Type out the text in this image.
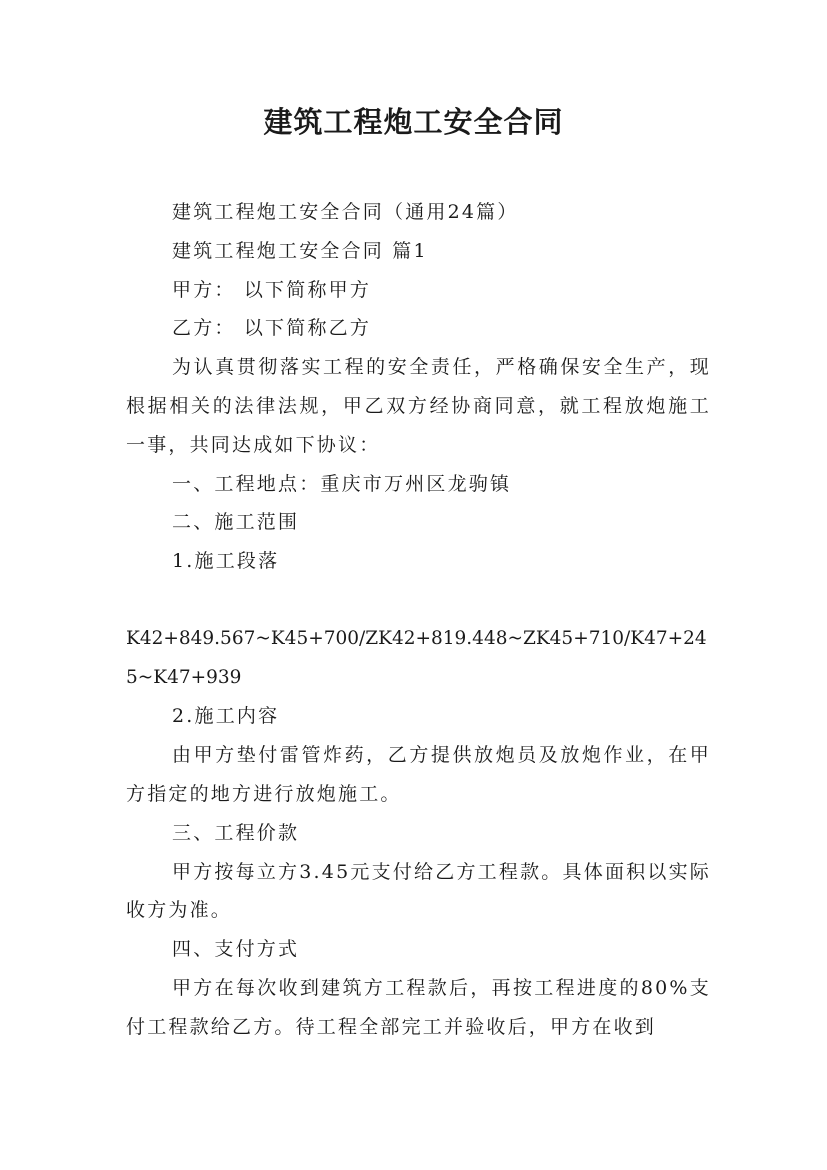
建筑工程炮工安全合同

建筑工程炮工安全合同（通用24篇）

建筑工程炮工安全合同 篇1

甲方： 以下简称甲方

乙方： 以下简称乙方

为认真贯彻落实工程的安全责任，严格确保安全生产，现根据相关的法律法规，甲乙双方经协商同意，就工程放炮施工一事，共同达成如下协议：

一、工程地点：重庆市万州区龙驹镇

二、施工范围

1.施工段落

K42+849.567~K45+700/ZK42+819.448~ZK45+710/K47+245~K47+939

2.施工内容

由甲方垫付雷管炸药，乙方提供放炮员及放炮作业，在甲方指定的地方进行放炮施工。

三、工程价款

甲方按每立方3.45元支付给乙方工程款。具体面积以实际收方为准。

四、支付方式

甲方在每次收到建筑方工程款后，再按工程进度的80%支付工程款给乙方。待工程全部完工并验收后，甲方在收到
